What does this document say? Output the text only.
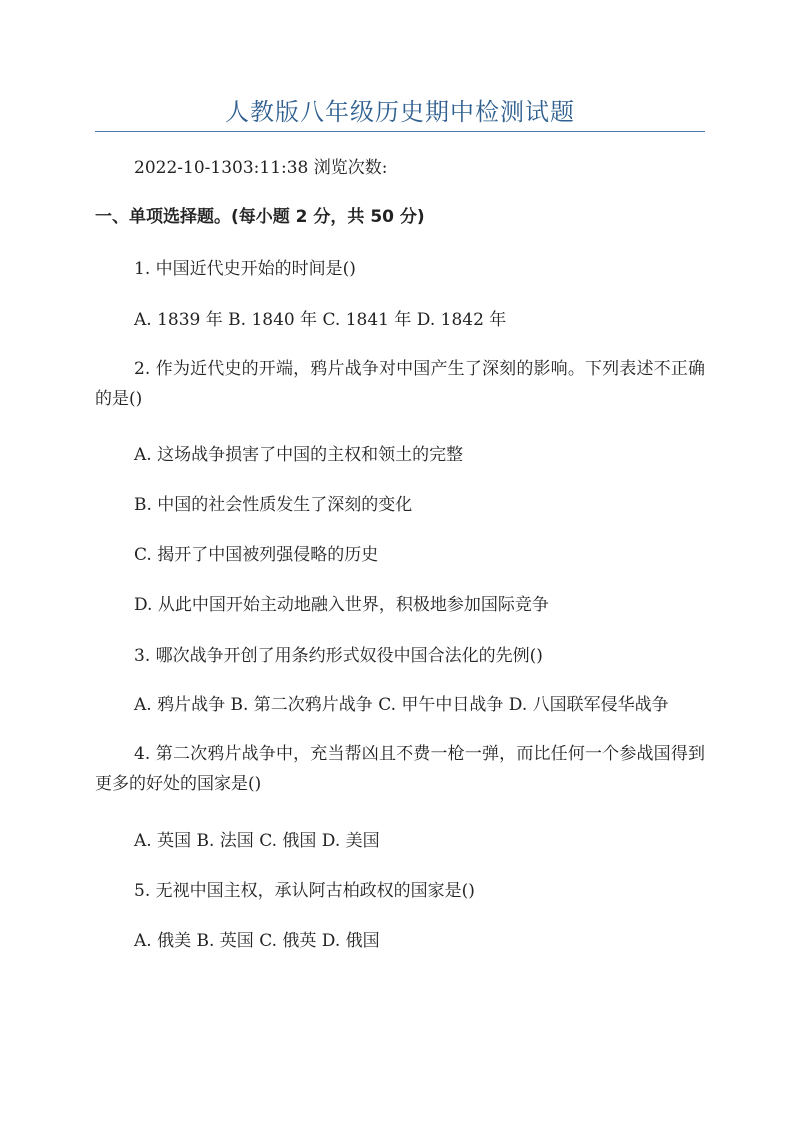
人教版八年级历史期中检测试题
2022-10-1303:11:38 浏览次数:
一、单项选择题。(每小题 2 分，共 50 分)
1. 中国近代史开始的时间是()
A. 1839 年 B. 1840 年 C. 1841 年 D. 1842 年
2. 作为近代史的开端，鸦片战争对中国产生了深刻的影响。下列表述不正确的是()
A. 这场战争损害了中国的主权和领土的完整
B. 中国的社会性质发生了深刻的变化
C. 揭开了中国被列强侵略的历史
D. 从此中国开始主动地融入世界，积极地参加国际竞争
3. 哪次战争开创了用条约形式奴役中国合法化的先例()
A. 鸦片战争 B. 第二次鸦片战争 C. 甲午中日战争 D. 八国联军侵华战争
4. 第二次鸦片战争中，充当帮凶且不费一枪一弹，而比任何一个参战国得到更多的好处的国家是()
A. 英国 B. 法国 C. 俄国 D. 美国
5. 无视中国主权，承认阿古柏政权的国家是()
A. 俄美 B. 英国 C. 俄英 D. 俄国
